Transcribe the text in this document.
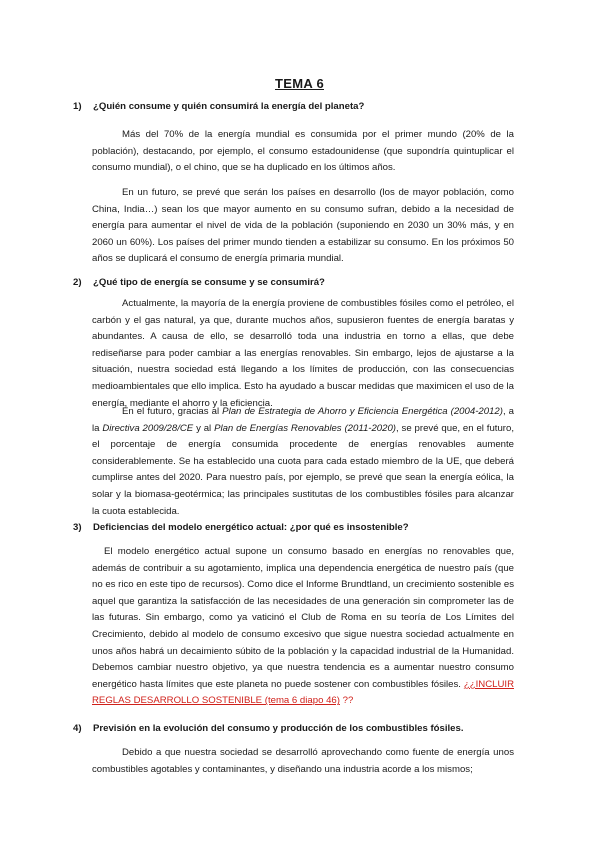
TEMA 6
1) ¿Quién consume y quién consumirá la energía del planeta?

Más del 70% de la energía mundial es consumida por el primer mundo (20% de la población), destacando, por ejemplo, el consumo estadounidense (que supondría quintuplicar el consumo mundial), o el chino, que se ha duplicado en los últimos años.

En un futuro, se prevé que serán los países en desarrollo (los de mayor población, como China, India…) sean los que mayor aumento en su consumo sufran, debido a la necesidad de energía para aumentar el nivel de vida de la población (suponiendo en 2030 un 30% más, y en 2060 un 60%). Los países del primer mundo tienden a estabilizar su consumo. En los próximos 50 años se duplicará el consumo de energía primaria mundial.

2) ¿Qué tipo de energía se consume y se consumirá?

Actualmente, la mayoría de la energía proviene de combustibles fósiles como el petróleo, el carbón y el gas natural, ya que, durante muchos años, supusieron fuentes de energía baratas y abundantes. A causa de ello, se desarrolló toda una industria en torno a ellas, que debe rediseñarse para poder cambiar a las energías renovables. Sin embargo, lejos de ajustarse a la situación, nuestra sociedad está llegando a los límites de producción, con las consecuencias medioambientales que ello implica. Esto ha ayudado a buscar medidas que maximicen el uso de la energía, mediante el ahorro y la eficiencia.

En el futuro, gracias al Plan de Estrategia de Ahorro y Eficiencia Energética (2004-2012), a la Directiva 2009/28/CE y al Plan de Energías Renovables (2011-2020), se prevé que, en el futuro, el porcentaje de energía consumida procedente de energías renovables aumente considerablemente. Se ha establecido una cuota para cada estado miembro de la UE, que deberá cumplirse antes del 2020. Para nuestro país, por ejemplo, se prevé que sean la energía eólica, la solar y la biomasa-geotérmica; las principales sustitutas de los combustibles fósiles para alcanzar la cuota establecida.

3) Deficiencias del modelo energético actual: ¿por qué es insostenible?

El modelo energético actual supone un consumo basado en energías no renovables que, además de contribuir a su agotamiento, implica una dependencia energética de nuestro país (que no es rico en este tipo de recursos). Como dice el Informe Brundtland, un crecimiento sostenible es aquel que garantiza la satisfacción de las necesidades de una generación sin comprometer las de las futuras. Sin embargo, como ya vaticinó el Club de Roma en su teoría de Los Límites del Crecimiento, debido al modelo de consumo excesivo que sigue nuestra sociedad actualmente en unos años habrá un decaimiento súbito de la población y la capacidad industrial de la Humanidad. Debemos cambiar nuestro objetivo, ya que nuestra tendencia es a aumentar nuestro consumo energético hasta límites que este planeta no puede sostener con combustibles fósiles. ¿¿INCLUIR REGLAS DESARROLLO SOSTENIBLE (tema 6 diapo 46) ??

4) Previsión en la evolución del consumo y producción de los combustibles fósiles.

Debido a que nuestra sociedad se desarrolló aprovechando como fuente de energía unos combustibles agotables y contaminantes, y diseñando una industria acorde a los mismos;
